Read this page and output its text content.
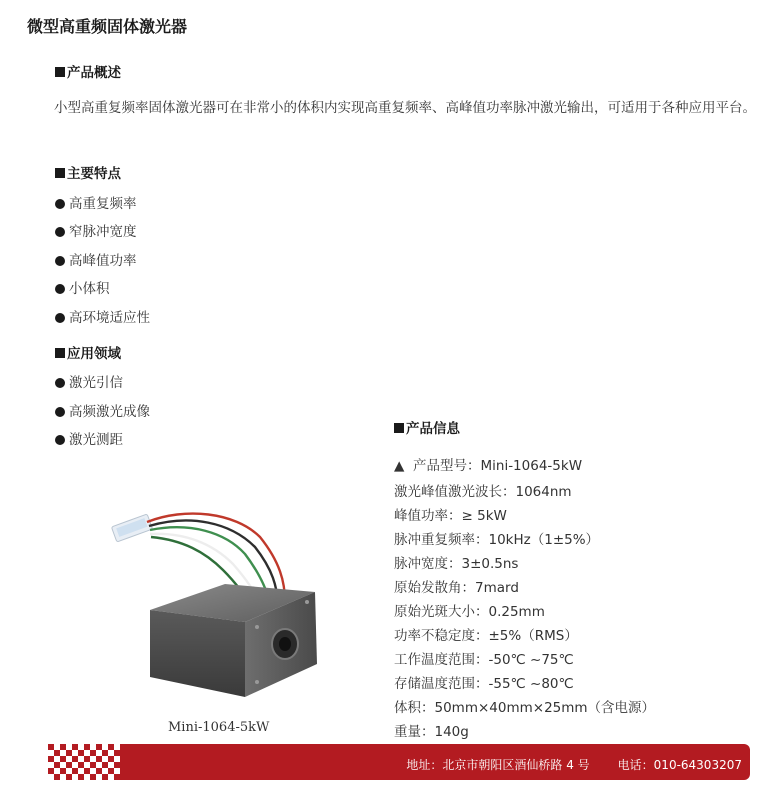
微型高重频固体激光器
产品概述
小型高重复频率固体激光器可在非常小的体积内实现高重复频率、高峰值功率脉冲激光输出，可适用于各种应用平台。
主要特点
高重复频率
窄脉冲宽度
高峰值功率
小体积
高环境适应性
应用领域
激光引信
高频激光成像
激光测距
产品信息
▲ 产品型号：Mini-1064-5kW
激光峰值激光波长：1064nm
峰值功率：≥ 5kW
脉冲重复频率：10kHz（1±5%）
脉冲宽度：3±0.5ns
原始发散角：7mard
原始光斑大小：0.25mm
功率不稳定度：±5%（RMS）
工作温度范围：-50℃ ~75℃
存储温度范围：-55℃ ~80℃
体积：50mm×40mm×25mm（含电源）
重量：140g
Mini-1064-5kW
地址：北京市朝阳区酒仙桥路 4 号 电话：010-64303207
